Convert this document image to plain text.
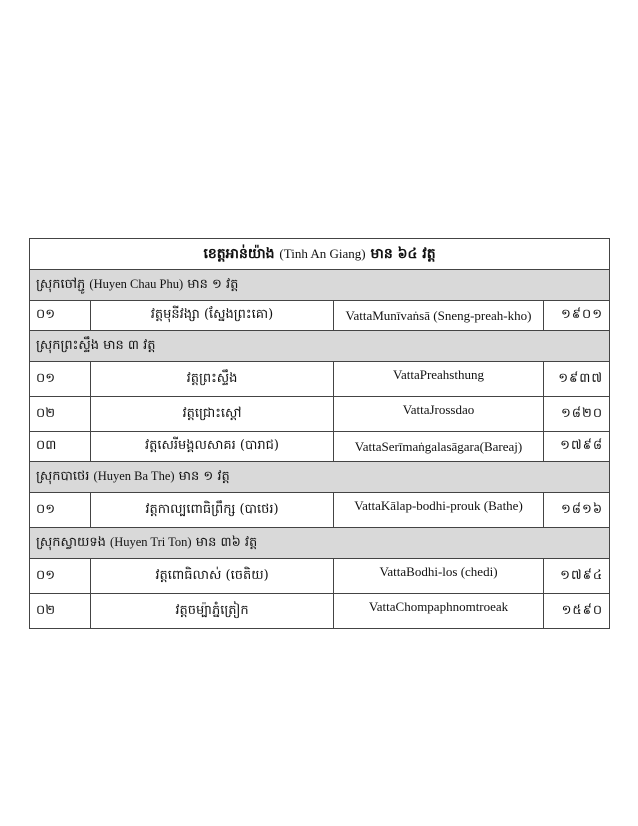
ខេត្តអាន់យ៉ាង (Tinh An Giang) មាន ៦៤ វត្ត			
ស្រុកចៅភ្ជូ (Huyen Chau Phu) មាន ១ វត្ត			
០១	វត្តមុនីវង្សា (ស្នែងព្រះគោ)	VattaMunīvaṅsā (Sneng-preah-kho)	១៩០១
ស្រុកព្រះស្ទឹង មាន ៣ វត្ត			
០១	វត្តព្រះស្ទឹង	VattaPreahsthung	១៩៣៧
០២	វត្តជ្រោះស្ដៅ	VattaJrossdao	១៨២០
០៣	វត្តសេរីមង្គលសាគរ (បារាជ)	VattaSerīmaṅgalasāgara(Bareaj)	១៧៩៨
ស្រុកបាថេរ (Huyen Ba The) មាន ១ វត្ត			
០១	វត្តកាល្បពោធិព្រឹក្ស (បាថេរ)	VattaKālap-bodhi-prouk (Bathe)	១៨១៦
ស្រុកស្វាយទង (Huyen Tri Ton) មាន ៣៦ វត្ត			
០១	វត្តពោធិលាស់ (ចេតិយ)	VattaBodhi-los (chedi)	១៧៩៤
០២	វត្តចម្ប៉ាភ្នំត្រៀក	VattaChompaphnomtroeak	១៥៩០
